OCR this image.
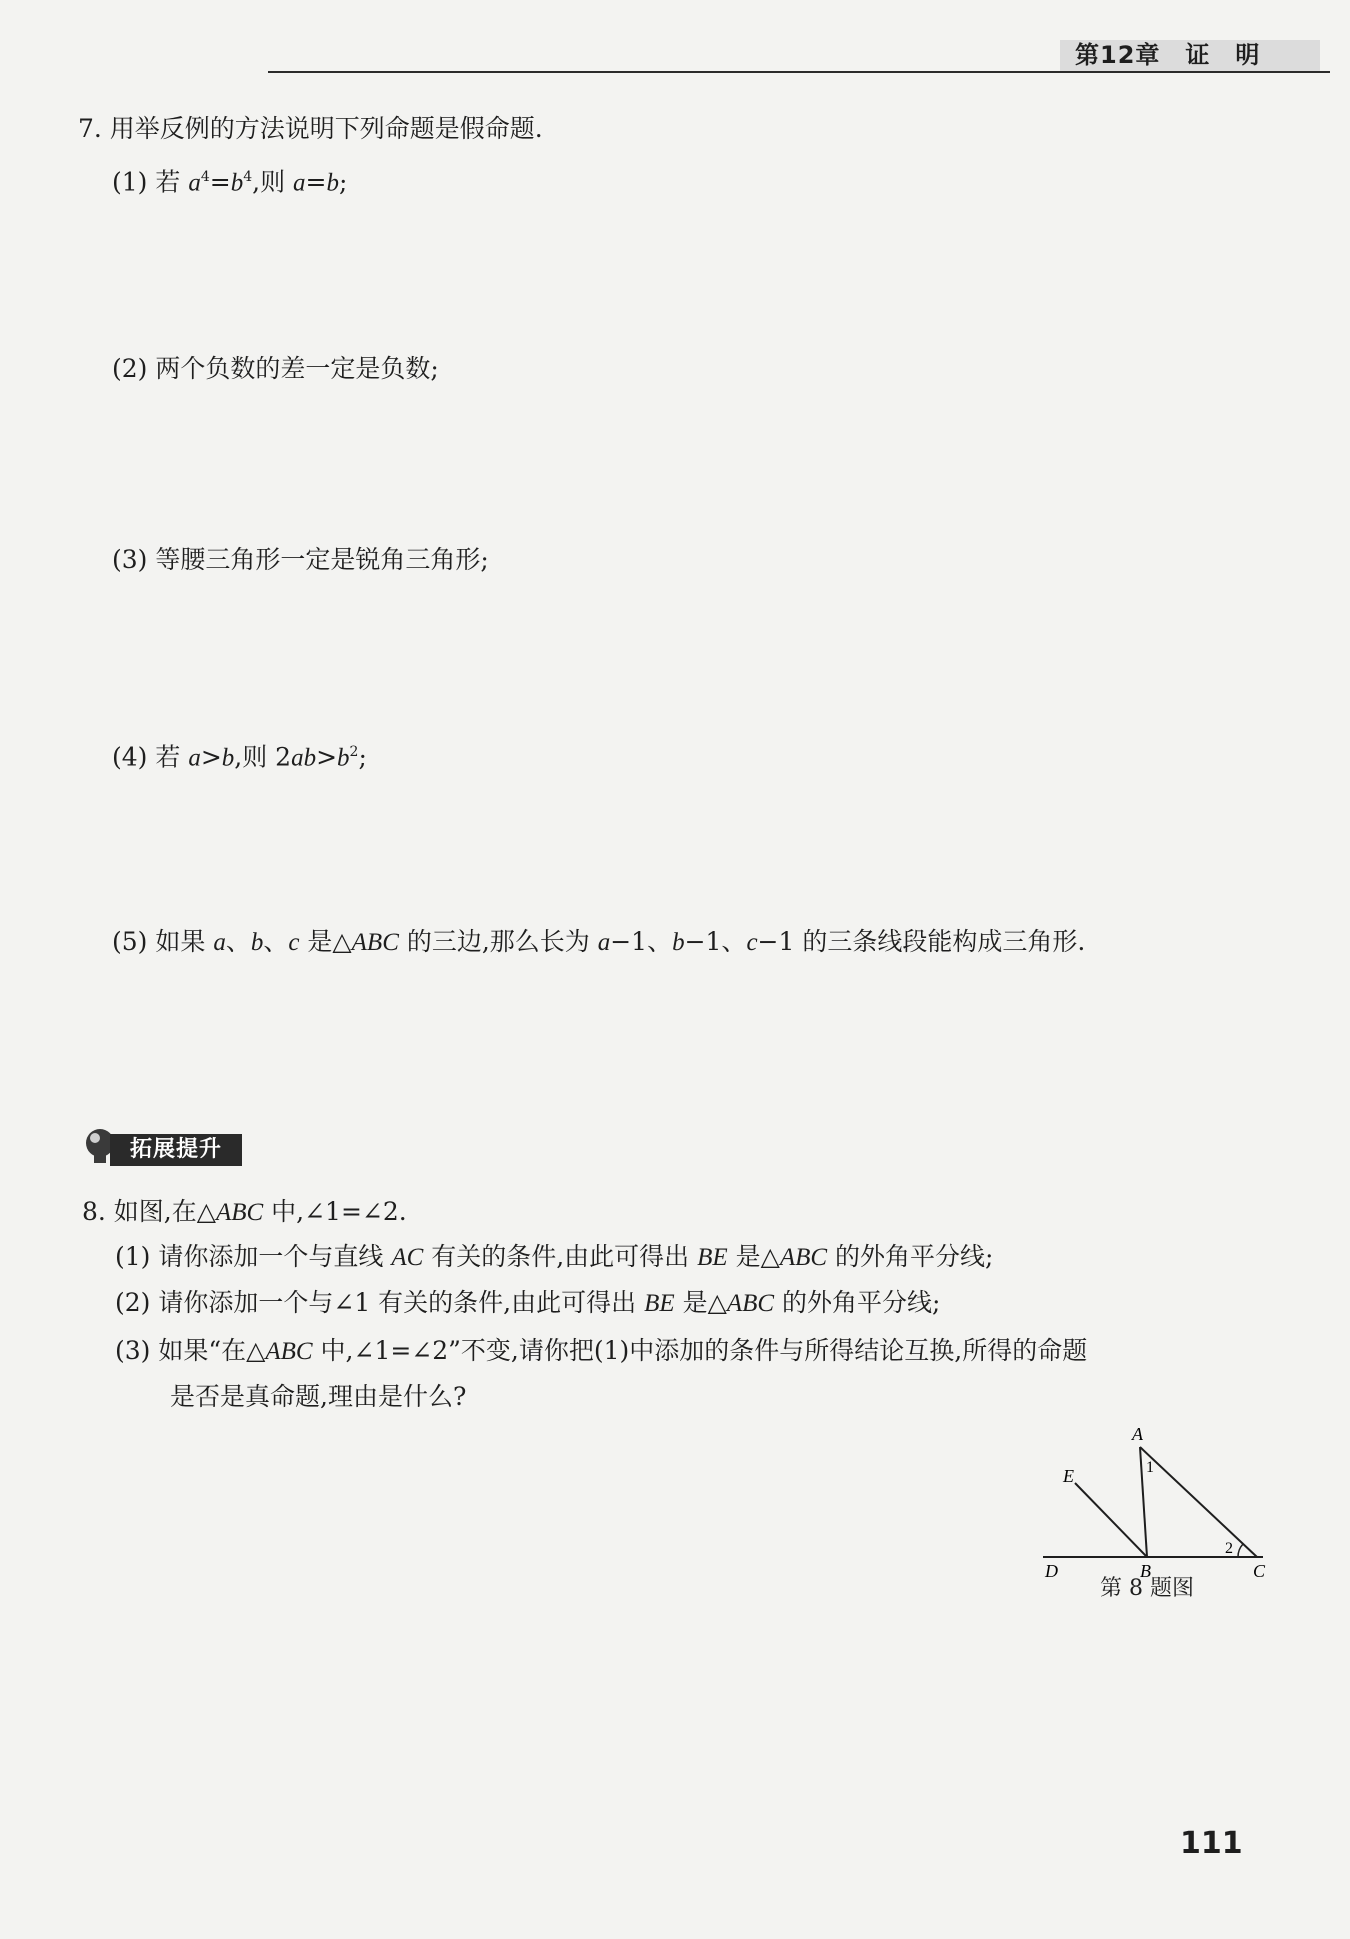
第12章　证　明
7. 用举反例的方法说明下列命题是假命题.
(1) 若 $a^4=b^4$,则 a=b;
(2) 两个负数的差一定是负数;
(3) 等腰三角形一定是锐角三角形;
(4) 若 a>b,则 $2ab>b^2$;
(5) 如果 a、b、c 是△ABC 的三边,那么长为 a−1、b−1、c−1 的三条线段能构成三角形.
拓展提升
8. 如图,在△ABC 中,∠1=∠2.
(1) 请你添加一个与直线 AC 有关的条件,由此可得出 BE 是△ABC 的外角平分线;
(2) 请你添加一个与∠1 有关的条件,由此可得出 BE 是△ABC 的外角平分线;
(3) 如果“在△ABC 中,∠1=∠2”不变,请你把(1)中添加的条件与所得结论互换,所得的命题
是否是真命题,理由是什么?
A
E
D	B	C
1
2
第 8 题图
111
